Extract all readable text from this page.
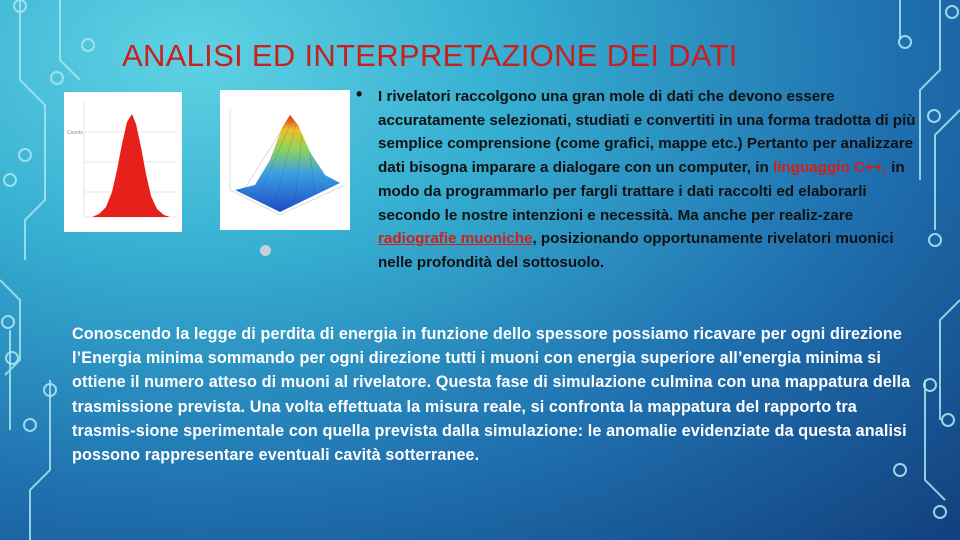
ANALISI ED INTERPRETAZIONE DEI DATI
Counts
•	I rivelatori raccolgono una gran mole di dati che devono essere accuratamente selezionati, studiati e convertiti in una forma tradotta di più semplice comprensione (come grafici, mappe etc.) Pertanto per analizzare dati bisogna imparare a dialogare con un computer, in linguaggio C++, in modo da programmarlo per fargli trattare i dati raccolti ed elaborarli secondo le nostre intenzioni e necessità. Ma anche per realiz-zare radiografie muoniche, posizionando opportunamente rivelatori muonici nelle profondità del sottosuolo.
Conoscendo la legge di perdita di energia in funzione dello spessore possiamo ricavare per ogni direzione l’Energia minima sommando per ogni direzione tutti i muoni con energia superiore all’energia minima si ottiene il numero atteso di muoni al rivelatore. Questa fase di simulazione culmina con una mappatura della trasmissione prevista. Una volta effettuata la misura reale, si confronta la mappatura del rapporto tra trasmis-sione sperimentale con quella prevista dalla simulazione: le anomalie evidenziate da questa analisi possono rappresentare eventuali cavità sotterranee.
